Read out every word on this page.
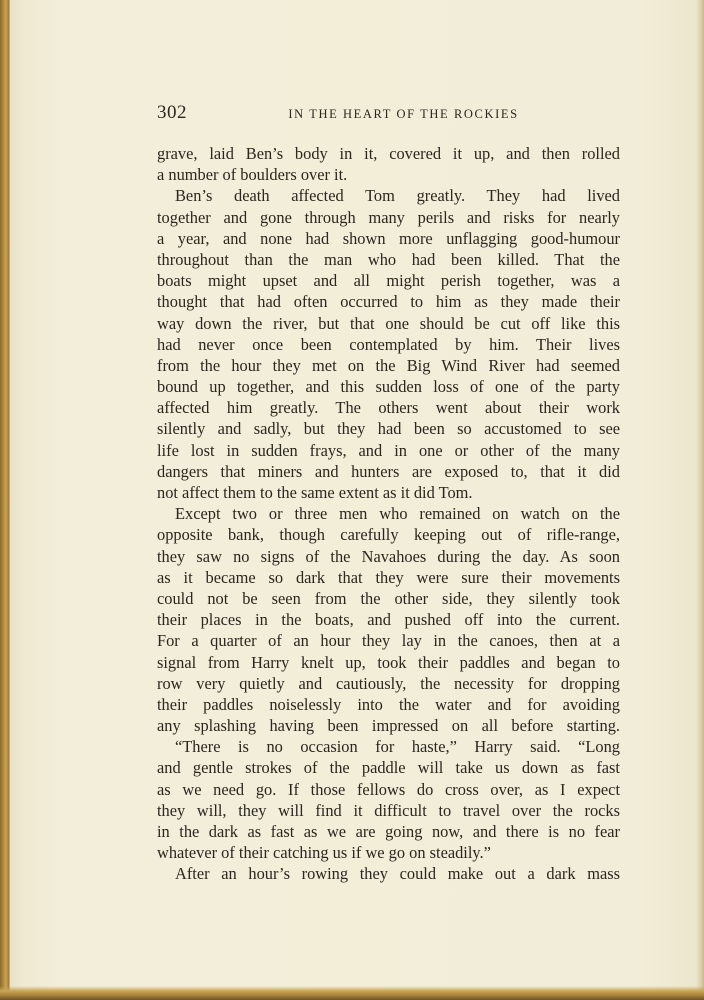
302	IN THE HEART OF THE ROCKIES
grave, laid Ben’s body in it, covered it up, and then rolled
a number of boulders over it.
Ben’s death affected Tom greatly. They had lived
together and gone through many perils and risks for nearly
a year, and none had shown more unflagging good-humour
throughout than the man who had been killed. That the
boats might upset and all might perish together, was a
thought that had often occurred to him as they made their
way down the river, but that one should be cut off like this
had never once been contemplated by him. Their lives
from the hour they met on the Big Wind River had seemed
bound up together, and this sudden loss of one of the party
affected him greatly. The others went about their work
silently and sadly, but they had been so accustomed to see
life lost in sudden frays, and in one or other of the many
dangers that miners and hunters are exposed to, that it did
not affect them to the same extent as it did Tom.
Except two or three men who remained on watch on the
opposite bank, though carefully keeping out of rifle-range,
they saw no signs of the Navahoes during the day. As soon
as it became so dark that they were sure their movements
could not be seen from the other side, they silently took
their places in the boats, and pushed off into the current.
For a quarter of an hour they lay in the canoes, then at a
signal from Harry knelt up, took their paddles and began to
row very quietly and cautiously, the necessity for dropping
their paddles noiselessly into the water and for avoiding
any splashing having been impressed on all before starting.
“There is no occasion for haste,” Harry said. “Long
and gentle strokes of the paddle will take us down as fast
as we need go. If those fellows do cross over, as I expect
they will, they will find it difficult to travel over the rocks
in the dark as fast as we are going now, and there is no fear
whatever of their catching us if we go on steadily.”
After an hour’s rowing they could make out a dark mass
